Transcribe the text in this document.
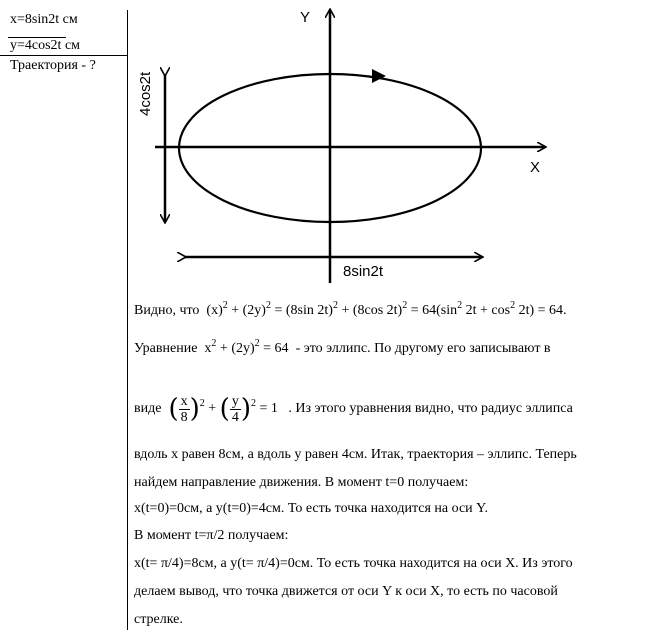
x=8sin2t см
y=4cos2t см
Траектория - ?
Y
X
4cos2t
8sin2t
Видно, что $(x)^2 + (2y)^2 = (8\sin$ 2t)$^2$ + (8cos $2t)^2 = 64(\sin^2$ $2t + \cos^2 2t) = 64$.
Уравнение $x^2 + (2y)^2 = 64$ - это эллипс. По другому его записывают в
виде ( $\frac{x}{8} )^2$ + ( $\frac{y}{4} )^2 = 1$ . Из этого уравнения видно, что радиус эллипса
вдоль x равен 8см, а вдоль y равен 4см. Итак, траектория – эллипс. Теперь
найдем направление движения. В момент t=0 получаем:
x(t=0)=0см, а y(t=0)=4см. То есть точка находится на оси Y.
В момент t=π/2 получаем:
x(t= π/4)=8см, а y(t= π/4)=0см. То есть точка находится на оси X. Из этого
делаем вывод, что точка движется от оси Y к оси X, то есть по часовой
стрелке.
